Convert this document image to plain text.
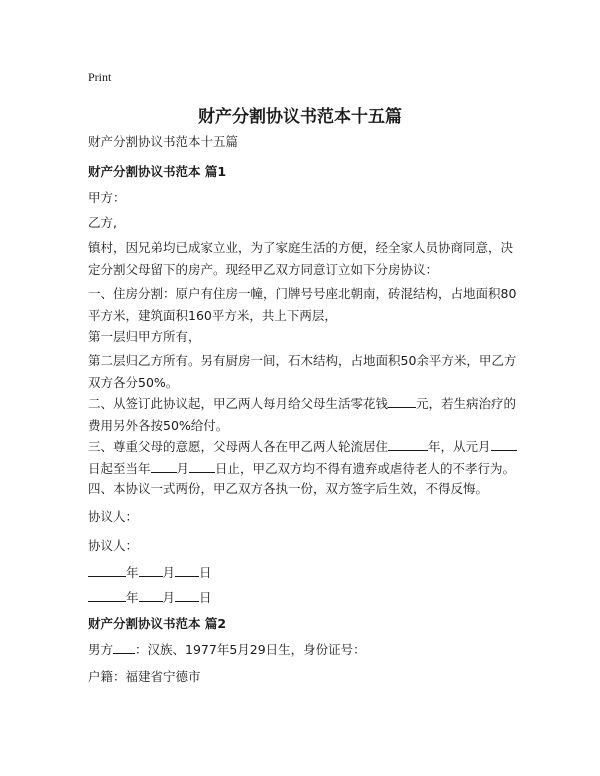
Print
财产分割协议书范本十五篇
财产分割协议书范本十五篇
财产分割协议书范本 篇1
甲方：
乙方,
镇村，因兄弟均已成家立业，为了家庭生活的方便，经全家人员协商同意，决定分割父母留下的房产。现经甲乙双方同意订立如下分房协议：
一、住房分割：原户有住房一幢，门牌号号座北朝南，砖混结构，占地面积80平方米，建筑面积160平方米，共上下两层，
第一层归甲方所有，
第二层归乙方所有。另有厨房一间，石木结构，占地面积50余平方米，甲乙方双方各分50%。
二、从签订此协议起，甲乙两人每月给父母生活零花钱 元，若生病治疗的费用另外各按50%给付。
三、尊重父母的意愿，父母两人各在甲乙两人轮流居住	年，从元月日起至当年 月 日止，甲乙双方均不得有遗弃或虐待老人的不孝行为。
四、本协议一式两份，甲乙双方各执一份，双方签字后生效，不得反悔。
协议人：
协议人：
年 月 日
年 月 日
财产分割协议书范本 篇2
男方 ：汉族、1977年5月29日生，身份证号：
户籍：福建省宁德市
